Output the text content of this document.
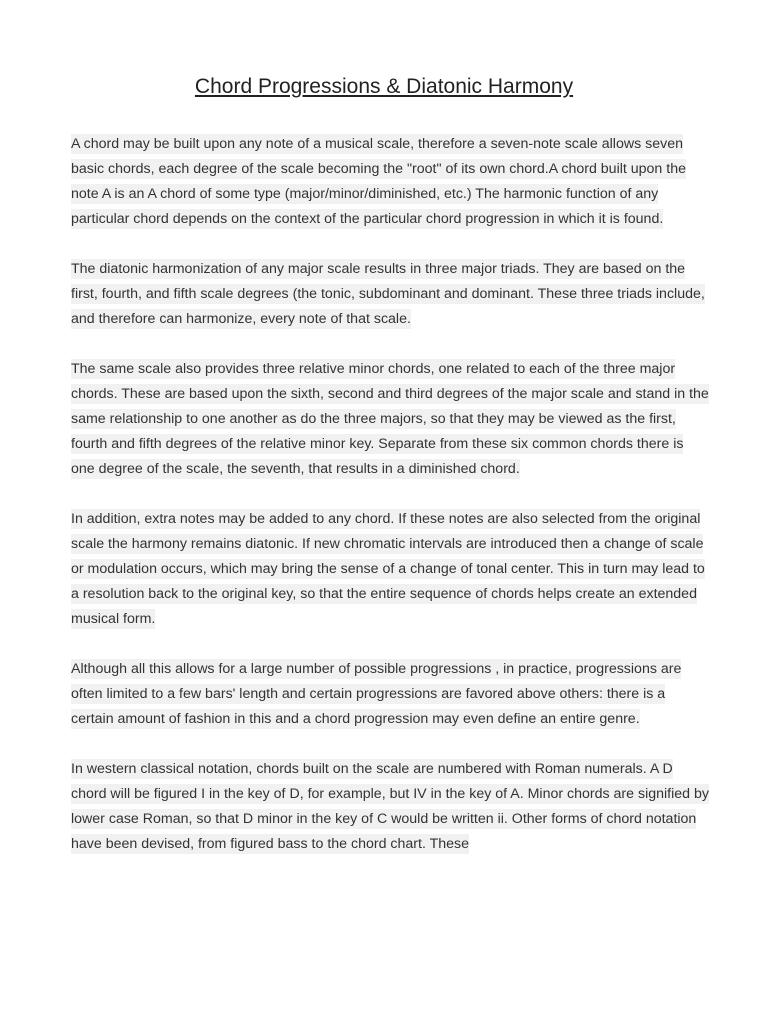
Chord Progressions & Diatonic Harmony

A chord may be built upon any note of a musical scale, therefore a seven-note scale allows seven basic chords, each degree of the scale becoming the "root" of its own chord.A chord built upon the note A is an A chord of some type (major/minor/diminished, etc.) The harmonic function of any particular chord depends on the context of the particular chord progression in which it is found.

The diatonic harmonization of any major scale results in three major triads. They are based on the first, fourth, and fifth scale degrees (the tonic, subdominant and dominant. These three triads include, and therefore can harmonize, every note of that scale.

The same scale also provides three relative minor chords, one related to each of the three major chords. These are based upon the sixth, second and third degrees of the major scale and stand in the same relationship to one another as do the three majors, so that they may be viewed as the first, fourth and fifth degrees of the relative minor key. Separate from these six common chords there is one degree of the scale, the seventh, that results in a diminished chord.

In addition, extra notes may be added to any chord. If these notes are also selected from the original scale the harmony remains diatonic. If new chromatic intervals are introduced then a change of scale or modulation occurs, which may bring the sense of a change of tonal center. This in turn may lead to a resolution back to the original key, so that the entire sequence of chords helps create an extended musical form.

Although all this allows for a large number of possible progressions , in practice, progressions are often limited to a few bars' length and certain progressions are favored above others: there is a certain amount of fashion in this and a chord progression may even define an entire genre.

In western classical notation, chords built on the scale are numbered with Roman numerals. A D chord will be figured I in the key of D, for example, but IV in the key of A. Minor chords are signified by lower case Roman, so that D minor in the key of C would be written ii. Other forms of chord notation have been devised, from figured bass to the chord chart. These
